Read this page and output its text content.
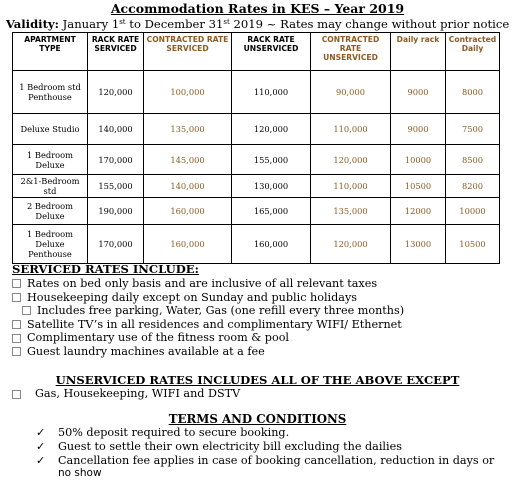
Accommodation Rates in KES – Year 2019
Validity: January 1st to December 31st 2019 ~ Rates may change without prior notice
APARTMENT TYPE	RACK RATE SERVICED	CONTRACTED RATE SERVICED	RACK RATE UNSERVICED	CONTRACTED RATE UNSERVICED	Daily rack	Contracted Daily
1 Bedroom std Penthouse	120,000	100,000	110,000	90,000	9000	8000
Deluxe Studio	140,000	135,000	120,000	110,000	9000	7500
1 Bedroom Deluxe	170,000	145,000	155,000	120,000	10000	8500
2&1-Bedroom std	155,000	140,000	130,000	110,000	10500	8200
2 Bedroom Deluxe	190,000	160,000	165,000	135,000	12000	10000
1 Bedroom Deluxe Penthouse	170,000	160,000	160,000	120,000	13000	10500
SERVICED RATES INCLUDE:
Rates on bed only basis and are inclusive of all relevant taxes
Housekeeping daily except on Sunday and public holidays
Includes free parking, Water, Gas (one refill every three months)
Satellite TV’s in all residences and complimentary WIFI/ Ethernet
Complimentary use of the fitness room & pool
Guest laundry machines available at a fee
UNSERVICED RATES INCLUDES ALL OF THE ABOVE EXCEPT
Gas, Housekeeping, WIFI and DSTV
TERMS AND CONDITIONS
✓	50% deposit required to secure booking.
✓	Guest to settle their own electricity bill excluding the dailies
✓	Cancellation fee applies in case of booking cancellation, reduction in days or
no show
